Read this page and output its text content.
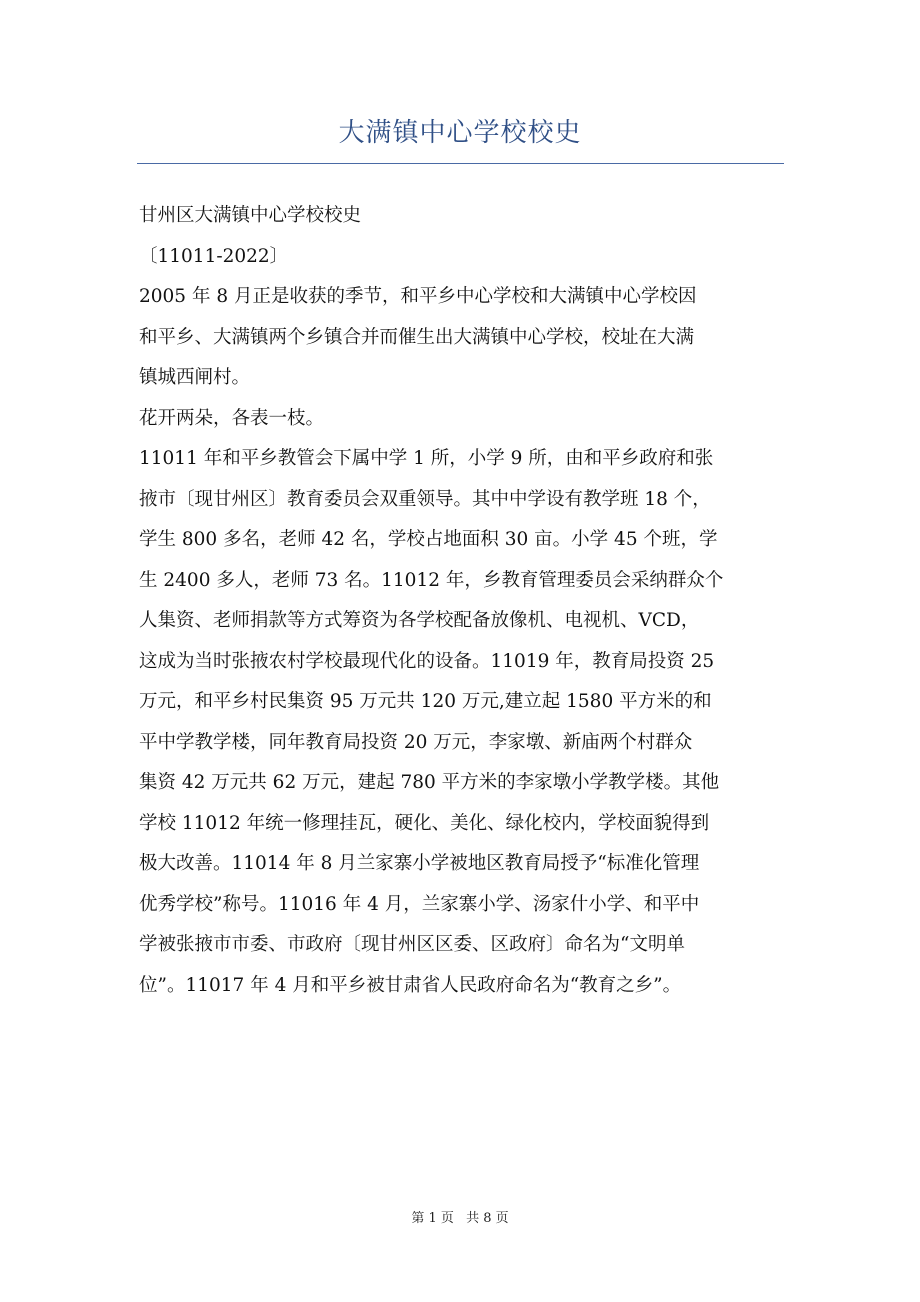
大满镇中心学校校史

甘州区大满镇中心学校校史

〔11011-2022〕

2005 年 8 月正是收获的季节，和平乡中心学校和大满镇中心学校因

和平乡、大满镇两个乡镇合并而催生出大满镇中心学校，校址在大满

镇城西闸村。

花开两朵，各表一枝。

11011 年和平乡教管会下属中学 1 所，小学 9 所，由和平乡政府和张

掖市〔现甘州区〕教育委员会双重领导。其中中学设有教学班 18 个，

学生 800 多名，老师 42 名，学校占地面积 30 亩。小学 45 个班，学

生 2400 多人，老师 73 名。11012 年，乡教育管理委员会采纳群众个

人集资、老师捐款等方式筹资为各学校配备放像机、电视机、VCD，

这成为当时张掖农村学校最现代化的设备。11019 年，教育局投资 25

万元，和平乡村民集资 95 万元共 120 万元,建立起 1580 平方米的和

平中学教学楼，同年教育局投资 20 万元，李家墩、新庙两个村群众

集资 42 万元共 62 万元，建起 780 平方米的李家墩小学教学楼。其他

学校 11012 年统一修理挂瓦，硬化、美化、绿化校内，学校面貌得到

极大改善。11014 年 8 月兰家寨小学被地区教育局授予“标准化管理

优秀学校”称号。11016 年 4 月，兰家寨小学、汤家什小学、和平中

学被张掖市市委、市政府〔现甘州区区委、区政府〕命名为“文明单

位”。11017 年 4 月和平乡被甘肃省人民政府命名为“教育之乡”。

第 1 页 共 8 页
